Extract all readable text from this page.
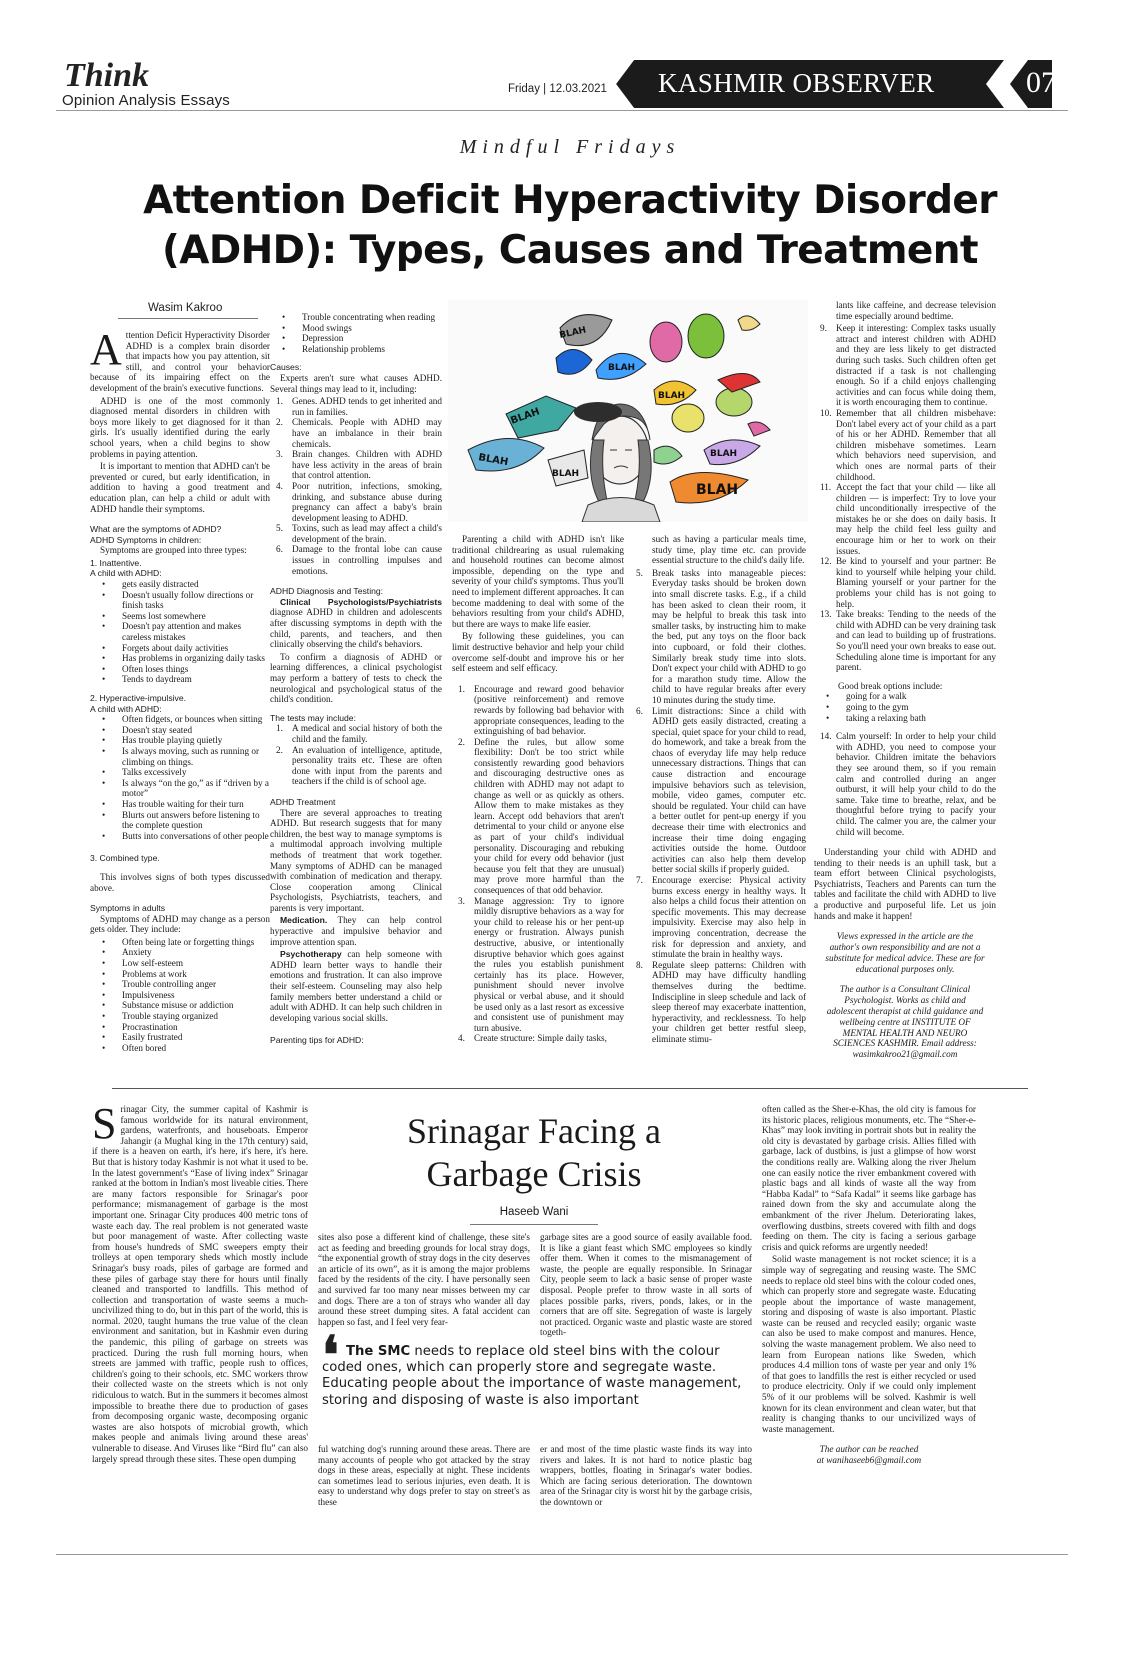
Think
Opinion Analysis Essays
Friday | 12.03.2021 KASHMIR OBSERVER	07
Mindful Fridays
Attention Deficit Hyperactivity Disorder
(ADHD): Types, Causes and Treatment
Wasim Kakroo

Attention Deficit Hyperactivity Disorder ADHD is a complex brain disorder that impacts how you pay attention, sit still, and control your behavior because of its impairing effect on the development of the brain's executive functions.

ADHD is one of the most commonly diagnosed mental disorders in children with boys more likely to get diagnosed for it than girls. It's usually identified during the early school years, when a child begins to show problems in paying attention.

It is important to mention that ADHD can't be prevented or cured, but early identification, in addition to having a good treatment and education plan, can help a child or adult with ADHD handle their symptoms.

What are the symptoms of ADHD?
ADHD Symptoms in children:

Symptoms are grouped into three types:

1. Inattentive.
A child with ADHD:
• gets easily distracted
• Doesn't usually follow directions or finish tasks
• Seems lost somewhere
• Doesn't pay attention and makes careless mistakes
• Forgets about daily activities
• Has problems in organizing daily tasks
• Often loses things
• Tends to daydream
2. Hyperactive-impulsive.
A child with ADHD:
• Often fidgets, or bounces when sitting
• Doesn't stay seated
• Has trouble playing quietly
• Is always moving, such as running or climbing on things.
• Talks excessively
• Is always “on the go,” as if “driven by a motor”
• Has trouble waiting for their turn
• Blurts out answers before listening to the complete question
• Butts into conversations of other people
3. Combined type.

This involves signs of both types discussed above.

Symptoms in adults

Symptoms of ADHD may change as a person gets older. They include:

• Often being late or forgetting things
• Anxiety
• Low self-esteem
• Problems at work
• Trouble controlling anger
• Impulsiveness
• Substance misuse or addiction
• Trouble staying organized
• Procrastination
• Easily frustrated
• Often bored
• Trouble concentrating when reading
• Mood swings
• Depression
• Relationship problems
Causes:

Experts aren't sure what causes ADHD. Several things may lead to it, including:

1. Genes. ADHD tends to get inherited and run in families.
2. Chemicals. People with ADHD may have an imbalance in their brain chemicals.
3. Brain changes. Children with ADHD have less activity in the areas of brain that control attention.
4. Poor nutrition, infections, smoking, drinking, and substance abuse during pregnancy can affect a baby's brain development leasing to ADHD.
5. Toxins, such as lead may affect a child's development of the brain.
6. Damage to the frontal lobe can cause issues in controlling impulses and emotions.
ADHD Diagnosis and Testing:

Clinical Psychologists/Psychiatrists diagnose ADHD in children and adolescents after discussing symptoms in depth with the child, parents, and teachers, and then clinically observing the child's behaviors.

To confirm a diagnosis of ADHD or learning differences, a clinical psychologist may perform a battery of tests to check the neurological and psychological status of the child's condition.

The tests may include:
1. A medical and social history of both the child and the family.
2. An evaluation of intelligence, aptitude, personality traits etc. These are often done with input from the parents and teachers if the child is of school age.
ADHD Treatment

There are several approaches to treating ADHD. But research suggests that for many children, the best way to manage symptoms is a multimodal approach involving multiple methods of treatment that work together. Many symptoms of ADHD can be managed with combination of medication and therapy. Close cooperation among Clinical Psychologists, Psychiatrists, teachers, and parents is very important.

Medication. They can help control hyperactive and impulsive behavior and improve attention span.

Psychotherapy can help someone with ADHD learn better ways to handle their emotions and frustration. It can also improve their self-esteem. Counseling may also help family members better understand a child or adult with ADHD. It can help such children in developing various social skills.

Parenting tips for ADHD:
BLAH
BLAH
BLAH
BLAH
BLAH
BLAH
BLAH
BLAH

Parenting a child with ADHD isn't like traditional childrearing as usual rulemaking and household routines can become almost impossible, depending on the type and severity of your child's symptoms. Thus you'll need to implement different approaches. It can become maddening to deal with some of the behaviors resulting from your child's ADHD, but there are ways to make life easier.

By following these guidelines, you can limit destructive behavior and help your child overcome self-doubt and improve his or her self esteem and self efficacy.

1. Encourage and reward good behavior (positive reinforcement) and remove rewards by following bad behavior with appropriate consequences, leading to the extinguishing of bad behavior.
2. Define the rules, but allow some flexibility: Don't be too strict while consistently rewarding good behaviors and discouraging destructive ones as children with ADHD may not adapt to change as well or as quickly as others. Allow them to make mistakes as they learn. Accept odd behaviors that aren't detrimental to your child or anyone else as part of your child's individual personality. Discouraging and rebuking your child for every odd behavior (just because you felt that they are unusual) may prove more harmful than the consequences of that odd behavior.
3. Manage aggression: Try to ignore mildly disruptive behaviors as a way for your child to release his or her pent-up energy or frustration. Always punish destructive, abusive, or intentionally disruptive behavior which goes against the rules you establish punishment certainly has its place. However, punishment should never involve physical or verbal abuse, and it should be used only as a last resort as excessive and consistent use of punishment may turn abusive.
4. Create structure: Simple daily tasks,

such as having a particular meals time, study time, play time etc. can provide essential structure to the child's daily life.

5. Break tasks into manageable pieces: Everyday tasks should be broken down into small discrete tasks. E.g., if a child has been asked to clean their room, it may be helpful to break this task into smaller tasks, by instructing him to make the bed, put any toys on the floor back into cupboard, or fold their clothes. Similarly break study time into slots. Don't expect your child with ADHD to go for a marathon study time. Allow the child to have regular breaks after every 10 minutes during the study time.
6. Limit distractions: Since a child with ADHD gets easily distracted, creating a special, quiet space for your child to read, do homework, and take a break from the chaos of everyday life may help reduce unnecessary distractions. Things that can cause distraction and encourage impulsive behaviors such as television, mobile, video games, computer etc. should be regulated. Your child can have a better outlet for pent-up energy if you decrease their time with electronics and increase their time doing engaging activities outside the home. Outdoor activities can also help them develop better social skills if properly guided.
7. Encourage exercise: Physical activity burns excess energy in healthy ways. It also helps a child focus their attention on specific movements. This may decrease impulsivity. Exercise may also help in improving concentration, decrease the risk for depression and anxiety, and stimulate the brain in healthy ways.
8. Regulate sleep patterns: Children with ADHD may have difficulty handling themselves during the bedtime. Indiscipline in sleep schedule and lack of sleep thereof may exacerbate inattention, hyperactivity, and recklessness. To help your children get better restful sleep, eliminate stimu-

lants like caffeine, and decrease television time especially around bedtime.

9. Keep it interesting: Complex tasks usually attract and interest children with ADHD and they are less likely to get distracted during such tasks. Such children often get distracted if a task is not challenging enough. So if a child enjoys challenging activities and can focus while doing them, it is worth encouraging them to continue.
10. Remember that all children misbehave: Don't label every act of your child as a part of his or her ADHD. Remember that all children misbehave sometimes. Learn which behaviors need supervision, and which ones are normal parts of their childhood.
11. Accept the fact that your child — like all children — is imperfect: Try to love your child unconditionally irrespective of the mistakes he or she does on daily basis. It may help the child feel less guilty and encourage him or her to work on their issues.
12. Be kind to yourself and your partner: Be kind to yourself while helping your child. Blaming yourself or your partner for the problems your child has is not going to help.
13. Take breaks: Tending to the needs of the child with ADHD can be very draining task and can lead to building up of frustrations. So you'll need your own breaks to ease out. Scheduling alone time is important for any parent.
Good break options include:
• going for a walk
• going to the gym
• taking a relaxing bath
14. Calm yourself: In order to help your child with ADHD, you need to compose your behavior. Children imitate the behaviors they see around them, so if you remain calm and controlled during an anger outburst, it will help your child to do the same. Take time to breathe, relax, and be thoughtful before trying to pacify your child. The calmer you are, the calmer your child will become.

Understanding your child with ADHD and tending to their needs is an uphill task, but a team effort between Clinical psychologists, Psychiatrists, Teachers and Parents can turn the tables and facilitate the child with ADHD to live a productive and purposeful life. Let us join hands and make it happen!

Views expressed in the article are the author's own responsibility and are not a substitute for medical advice. These are for educational purposes only.
The author is a Consultant Clinical Psychologist. Works as child and adolescent therapist at child guidance and wellbeing centre at INSTITUTE OF MENTAL HEALTH AND NEURO SCIENCES KASHMIR. Email address: wasimkakroo21@gmail.com

Srinagar City, the summer capital of Kashmir is famous worldwide for its natural environment, gardens, waterfronts, and houseboats. Emperor Jahangir (a Mughal king in the 17th century) said, if there is a heaven on earth, it's here, it's here, it's here. But that is history today Kashmir is not what it used to be. In the latest government's “Ease of living index” Srinagar ranked at the bottom in Indian's most liveable cities. There are many factors responsible for Srinagar's poor performance; mismanagement of garbage is the most important one. Srinagar City produces 400 metric tons of waste each day. The real problem is not generated waste but poor management of waste. After collecting waste from house's hundreds of SMC sweepers empty their trolleys at open temporary sheds which mostly include Srinagar's busy roads, piles of garbage are formed and these piles of garbage stay there for hours until finally cleaned and transported to landfills. This method of collection and transportation of waste seems a much-uncivilized thing to do, but in this part of the world, this is normal. 2020, taught humans the true value of the clean environment and sanitation, but in Kashmir even during the pandemic, this piling of garbage on streets was practiced. During the rush full morning hours, when streets are jammed with traffic, people rush to offices, children's going to their schools, etc. SMC workers throw their collected waste on the streets which is not only ridiculous to watch. But in the summers it becomes almost impossible to breathe there due to production of gases from decomposing organic waste, decomposing organic wastes are also hotspots of microbial growth, which makes people and animals living around these areas' vulnerable to disease. And Viruses like “Bird flu” can also largely spread through these sites. These open dumping

Srinagar Facing a
Garbage Crisis
Haseeb Wani

sites also pose a different kind of challenge, these site's act as feeding and breeding grounds for local stray dogs, “the exponential growth of stray dogs in the city deserves an article of its own”, as it is among the major problems faced by the residents of the city. I have personally seen and survived far too many near misses between my car and dogs. There are a ton of strays who wander all day around these street dumping sites. A fatal accident can happen so fast, and I feel very fear-

garbage sites are a good source of easily available food. It is like a giant feast which SMC employees so kindly offer them. When it comes to the mismanagement of waste, the people are equally responsible. In Srinagar City, people seem to lack a basic sense of proper waste disposal. People prefer to throw waste in all sorts of places possible parks, rivers, ponds, lakes, or in the corners that are off site. Segregation of waste is largely not practiced. Organic waste and plastic waste are stored togeth-

❛ The SMC needs to replace old steel bins with the colour coded ones, which can properly store and segregate waste. Educating people about the importance of waste management, storing and disposing of waste is also important

ful watching dog's running around these areas. There are many accounts of people who got attacked by the stray dogs in these areas, especially at night. These incidents can sometimes lead to serious injuries, even death. It is easy to understand why dogs prefer to stay on street's as these

er and most of the time plastic waste finds its way into rivers and lakes. It is not hard to notice plastic bag wrappers, bottles, floating in Srinagar's water bodies. Which are facing serious deterioration. The downtown area of the Srinagar city is worst hit by the garbage crisis, the downtown or

often called as the Sher-e-Khas, the old city is famous for its historic places, religious monuments, etc. The “Sher-e-Khas” may look inviting in portrait shots but in reality the old city is devastated by garbage crisis. Allies filled with garbage, lack of dustbins, is just a glimpse of how worst the conditions really are. Walking along the river Jhelum one can easily notice the river embankment covered with plastic bags and all kinds of waste all the way from “Habba Kadal” to “Safa Kadal” it seems like garbage has rained down from the sky and accumulate along the embankment of the river Jhelum. Deteriorating lakes, overflowing dustbins, streets covered with filth and dogs feeding on them. The city is facing a serious garbage crisis and quick reforms are urgently needed!

Solid waste management is not rocket science; it is a simple way of segregating and reusing waste. The SMC needs to replace old steel bins with the colour coded ones, which can properly store and segregate waste. Educating people about the importance of waste management, storing and disposing of waste is also important. Plastic waste can be reused and recycled easily; organic waste can also be used to make compost and manures. Hence, solving the waste management problem. We also need to learn from European nations like Sweden, which produces 4.4 million tons of waste per year and only 1% of that goes to landfills the rest is either recycled or used to produce electricity. Only if we could only implement 5% of it our problems will be solved. Kashmir is well known for its clean environment and clean water, but that reality is changing thanks to our uncivilized ways of waste management.

The author can be reached
at wanihaseeb6@gmail.com
